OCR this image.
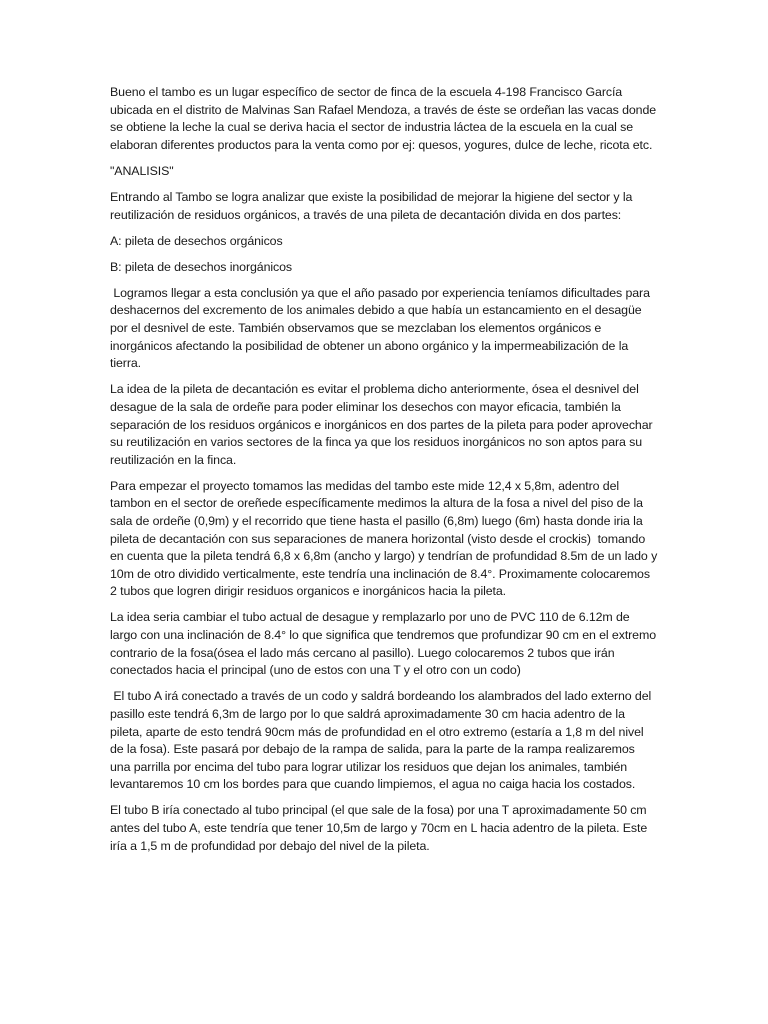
Bueno el tambo es un lugar específico de sector de finca de la escuela 4-198 Francisco García ubicada en el distrito de Malvinas San Rafael Mendoza, a través de éste se ordeñan las vacas donde se obtiene la leche la cual se deriva hacia el sector de industria láctea de la escuela en la cual se elaboran diferentes productos para la venta como por ej: quesos, yogures, dulce de leche, ricota etc.

"ANALISIS"

Entrando al Tambo se logra analizar que existe la posibilidad de mejorar la higiene del sector y la reutilización de residuos orgánicos, a través de una pileta de decantación divida en dos partes:

A: pileta de desechos orgánicos

B: pileta de desechos inorgánicos

Logramos llegar a esta conclusión ya que el año pasado por experiencia teníamos dificultades para deshacernos del excremento de los animales debido a que había un estancamiento en el desagüe por el desnivel de este. También observamos que se mezclaban los elementos orgánicos e inorgánicos afectando la posibilidad de obtener un abono orgánico y la impermeabilización de la tierra.

La idea de la pileta de decantación es evitar el problema dicho anteriormente, ósea el desnivel del desague de la sala de ordeñe para poder eliminar los desechos con mayor eficacia, también la separación de los residuos orgánicos e inorgánicos en dos partes de la pileta para poder aprovechar su reutilización en varios sectores de la finca ya que los residuos inorgánicos no son aptos para su reutilización en la finca.

Para empezar el proyecto tomamos las medidas del tambo este mide 12,4 x 5,8m, adentro del tambon en el sector de oreñede específicamente medimos la altura de la fosa a nivel del piso de la sala de ordeñe (0,9m) y el recorrido que tiene hasta el pasillo (6,8m) luego (6m) hasta donde iria la pileta de decantación con sus separaciones de manera horizontal (visto desde el crockis)  tomando en cuenta que la pileta tendrá 6,8 x 6,8m (ancho y largo) y tendrían de profundidad 8.5m de un lado y 10m de otro dividido verticalmente, este tendría una inclinación de 8.4°. Proximamente colocaremos 2 tubos que logren dirigir residuos organicos e inorgánicos hacia la pileta.

La idea seria cambiar el tubo actual de desague y remplazarlo por uno de PVC 110 de 6.12m de largo con una inclinación de 8.4° lo que significa que tendremos que profundizar 90 cm en el extremo contrario de la fosa(ósea el lado más cercano al pasillo). Luego colocaremos 2 tubos que irán conectados hacia el principal (uno de estos con una T y el otro con un codo)

El tubo A irá conectado a través de un codo y saldrá bordeando los alambrados del lado externo del pasillo este tendrá 6,3m de largo por lo que saldrá aproximadamente 30 cm hacia adentro de la pileta, aparte de esto tendrá 90cm más de profundidad en el otro extremo (estaría a 1,8 m del nivel de la fosa). Este pasará por debajo de la rampa de salida, para la parte de la rampa realizaremos una parrilla por encima del tubo para lograr utilizar los residuos que dejan los animales, también levantaremos 10 cm los bordes para que cuando limpiemos, el agua no caiga hacia los costados.

El tubo B iría conectado al tubo principal (el que sale de la fosa) por una T aproximadamente 50 cm antes del tubo A, este tendría que tener 10,5m de largo y 70cm en L hacia adentro de la pileta. Este iría a 1,5 m de profundidad por debajo del nivel de la pileta.
